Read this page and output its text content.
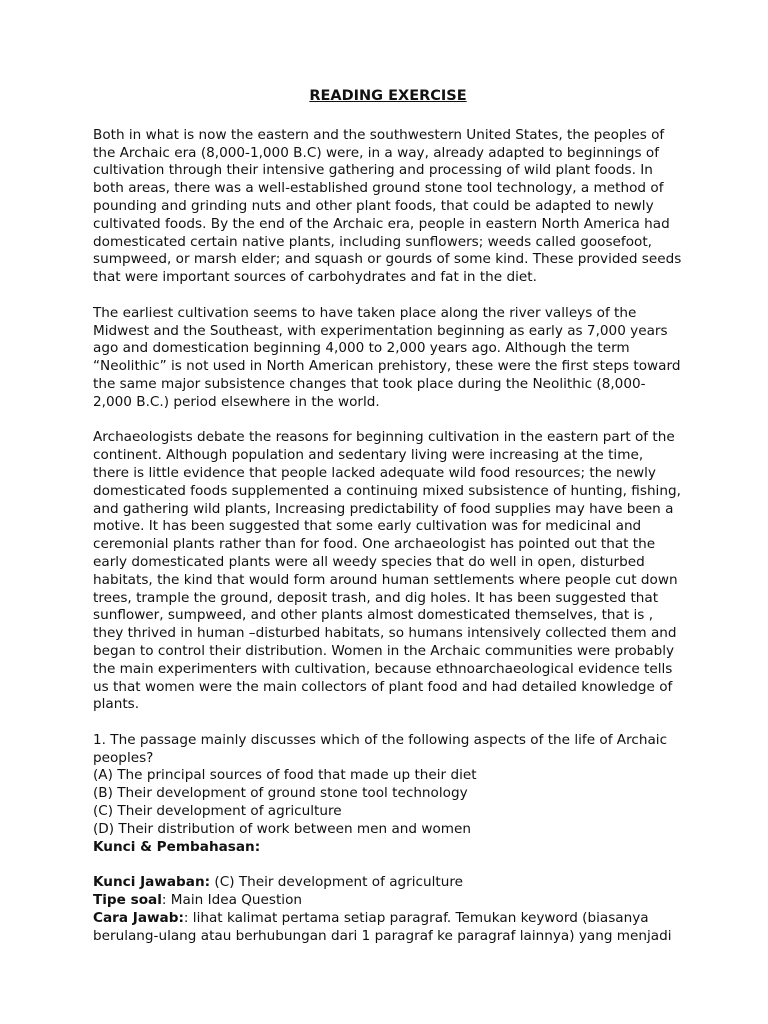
READING EXERCISE

Both in what is now the eastern and the southwestern United States, the peoples of the Archaic era (8,000-1,000 B.C) were, in a way, already adapted to beginnings of cultivation through their intensive gathering and processing of wild plant foods. In both areas, there was a well-established ground stone tool technology, a method of pounding and grinding nuts and other plant foods, that could be adapted to newly cultivated foods. By the end of the Archaic era, people in eastern North America had domesticated certain native plants, including sunflowers; weeds called goosefoot, sumpweed, or marsh elder; and squash or gourds of some kind. These provided seeds that were important sources of carbohydrates and fat in the diet.

The earliest cultivation seems to have taken place along the river valleys of the Midwest and the Southeast, with experimentation beginning as early as 7,000 years ago and domestication beginning 4,000 to 2,000 years ago. Although the term “Neolithic” is not used in North American prehistory, these were the first steps toward the same major subsistence changes that took place during the Neolithic (8,000-2,000 B.C.) period elsewhere in the world.

Archaeologists debate the reasons for beginning cultivation in the eastern part of the continent. Although population and sedentary living were increasing at the time, there is little evidence that people lacked adequate wild food resources; the newly domesticated foods supplemented a continuing mixed subsistence of hunting, fishing, and gathering wild plants, Increasing predictability of food supplies may have been a motive. It has been suggested that some early cultivation was for medicinal and ceremonial plants rather than for food. One archaeologist has pointed out that the early domesticated plants were all weedy species that do well in open, disturbed habitats, the kind that would form around human settlements where people cut down trees, trample the ground, deposit trash, and dig holes. It has been suggested that sunflower, sumpweed, and other plants almost domesticated themselves, that is , they thrived in human –disturbed habitats, so humans intensively collected them and began to control their distribution. Women in the Archaic communities were probably the main experimenters with cultivation, because ethnoarchaeological evidence tells us that women were the main collectors of plant food and had detailed knowledge of plants.

1. The passage mainly discusses which of the following aspects of the life of Archaic peoples?

(A) The principal sources of food that made up their diet

(B) Their development of ground stone tool technology

(C) Their development of agriculture

(D) Their distribution of work between men and women

Kunci & Pembahasan:

Kunci Jawaban: (C) Their development of agriculture

Tipe soal: Main Idea Question

Cara Jawab:: lihat kalimat pertama setiap paragraf. Temukan keyword (biasanya berulang-ulang atau berhubungan dari 1 paragraf ke paragraf lainnya) yang menjadi
